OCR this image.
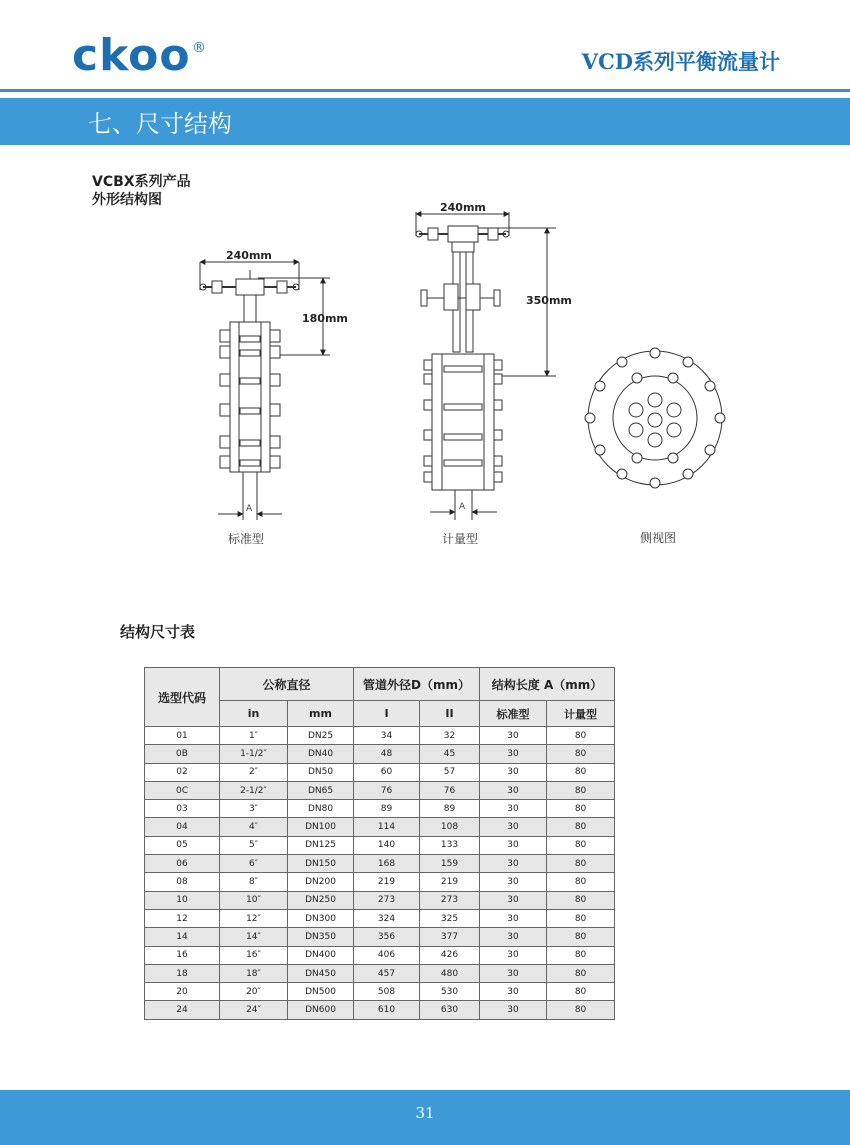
ckoo ®
VCD系列平衡流量计
七、尺寸结构
VCBX系列产品
外形结构图
240mm
180mm
A
240mm
350mm
A
标准型	计量型	侧视图
结构尺寸表
选型代码	公称直径		管道外径D（mm）		结构长度 A（mm）	
	in	mm	I	II	标准型	计量型
01	1″	DN25	34	32	30	80
0B	1-1/2″	DN40	48	45	30	80
02	2″	DN50	60	57	30	80
0C	2-1/2″	DN65	76	76	30	80
03	3″	DN80	89	89	30	80
04	4″	DN100	114	108	30	80
05	5″	DN125	140	133	30	80
06	6″	DN150	168	159	30	80
08	8″	DN200	219	219	30	80
10	10″	DN250	273	273	30	80
12	12″	DN300	324	325	30	80
14	14″	DN350	356	377	30	80
16	16″	DN400	406	426	30	80
18	18″	DN450	457	480	30	80
20	20″	DN500	508	530	30	80
24	24″	DN600	610	630	30	80
31
